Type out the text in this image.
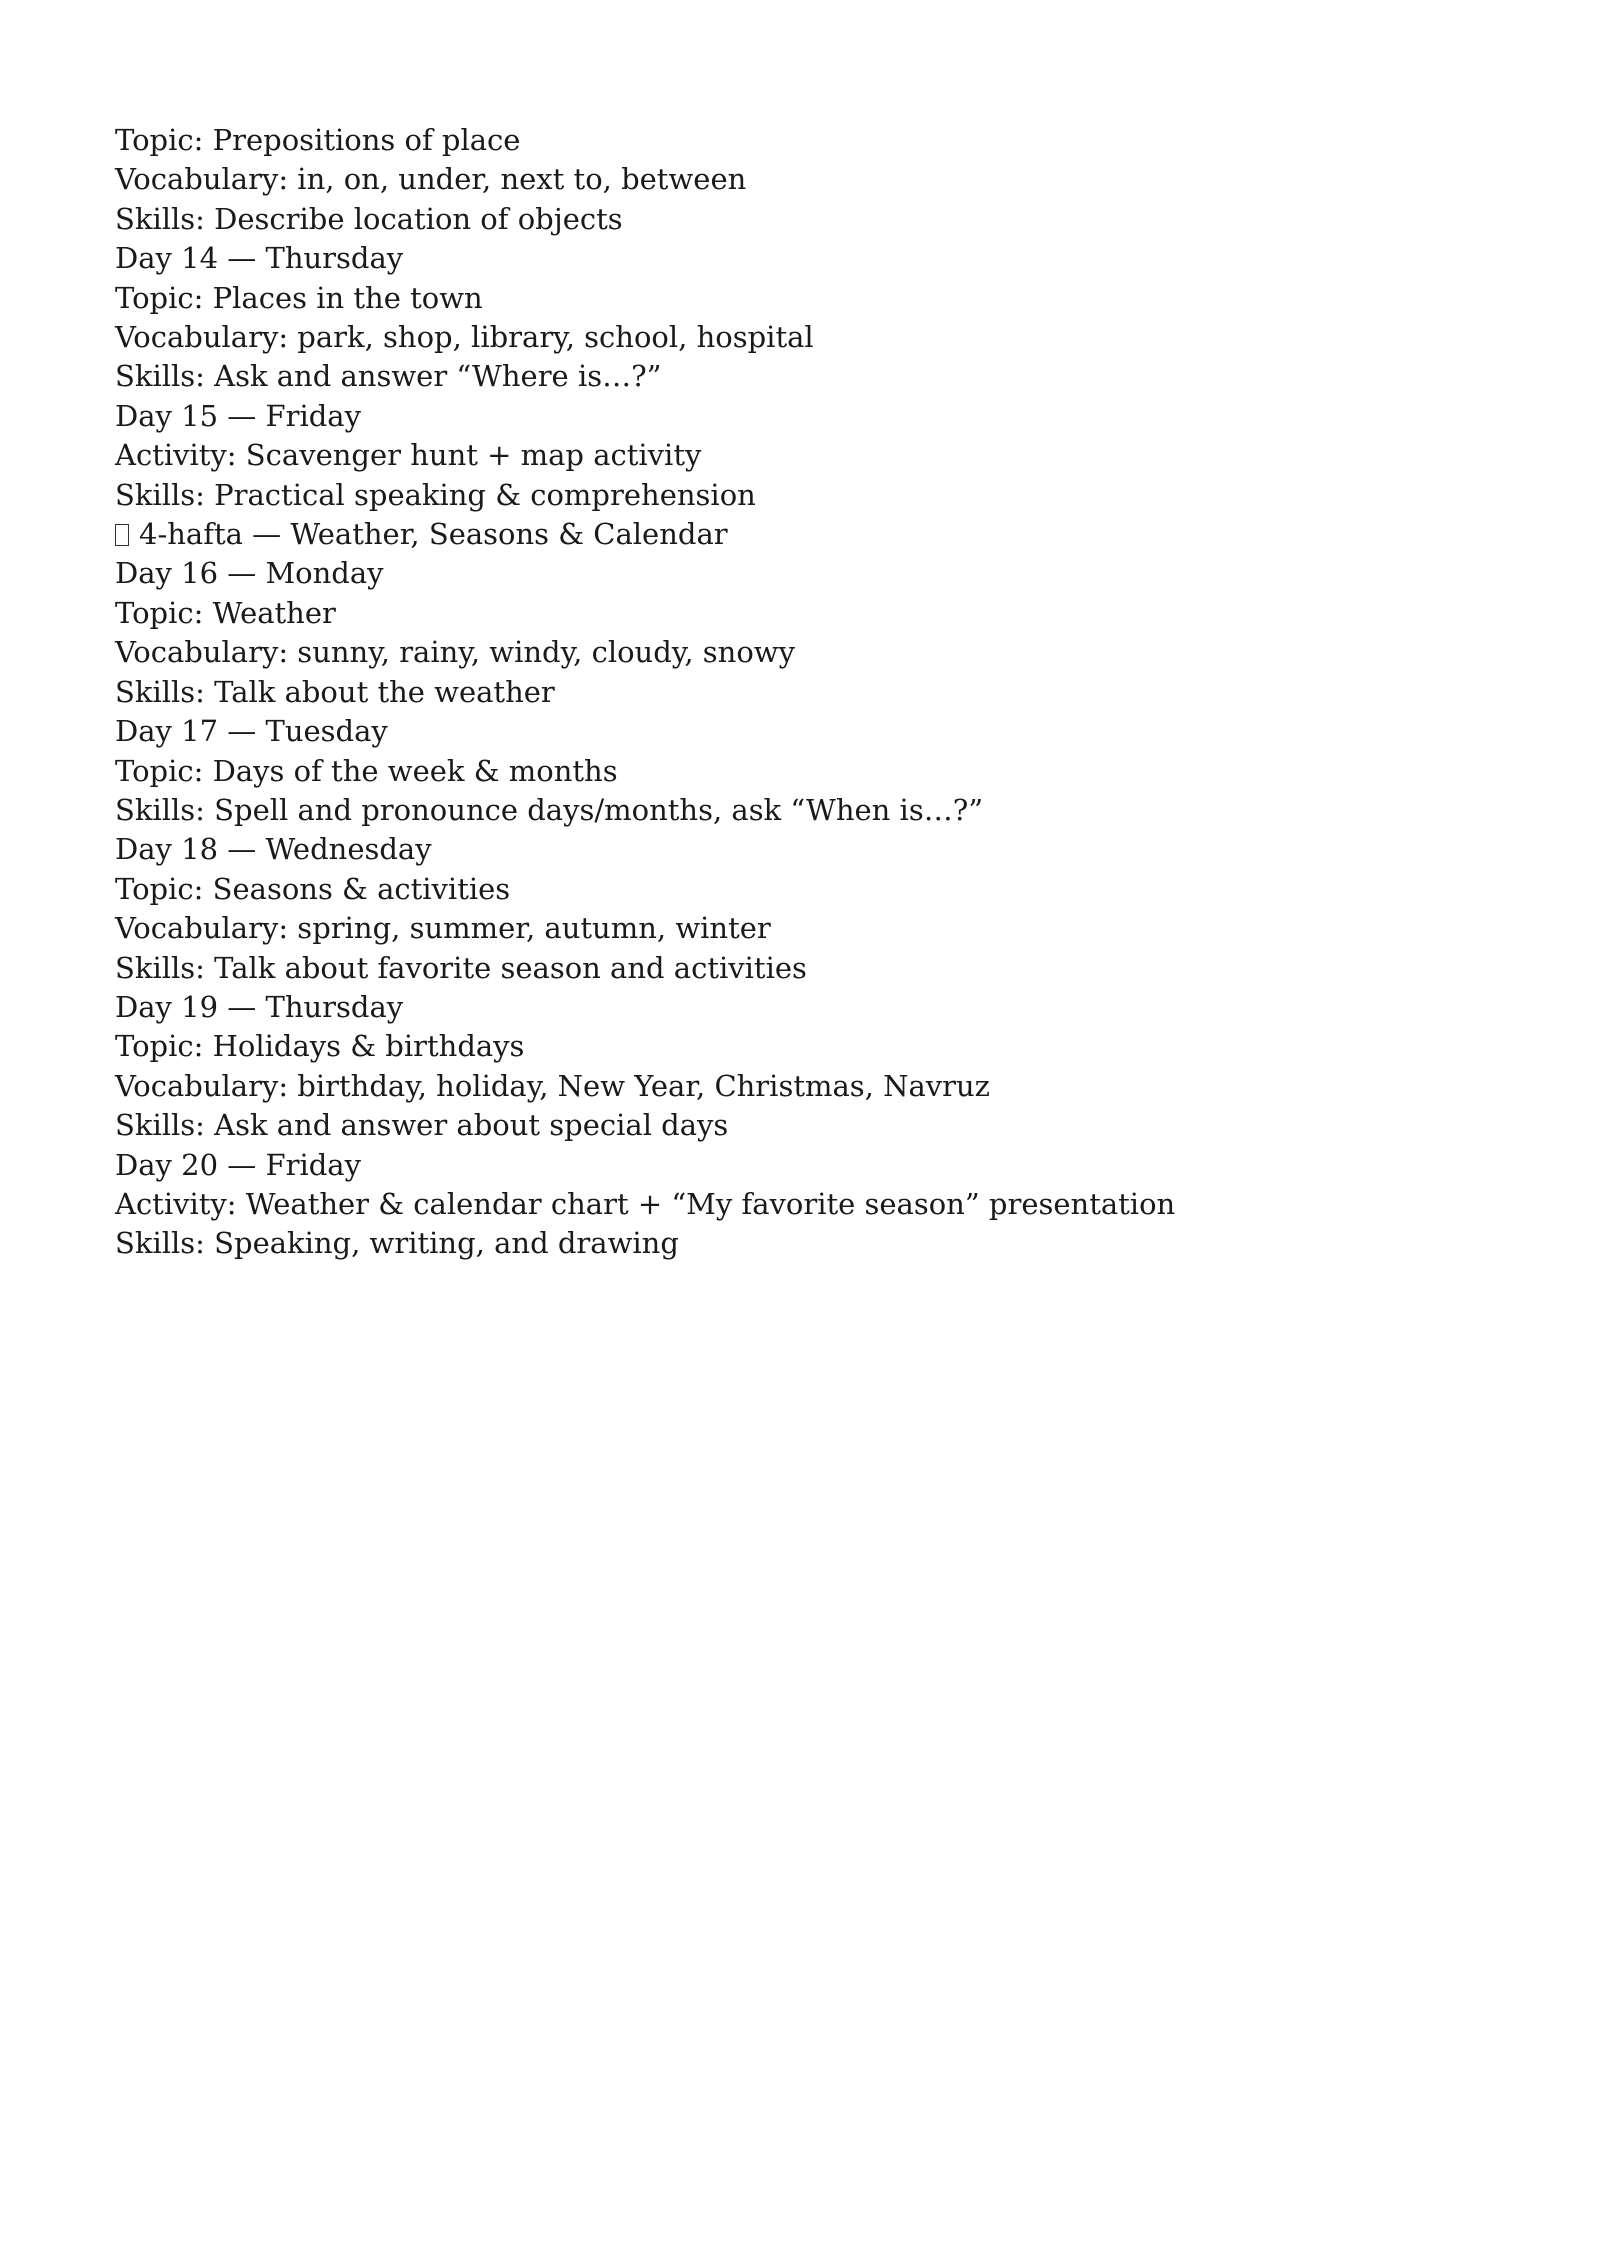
Topic: Prepositions of place

Vocabulary: in, on, under, next to, between

Skills: Describe location of objects

Day 14 — Thursday

Topic: Places in the town

Vocabulary: park, shop, library, school, hospital

Skills: Ask and answer “Where is…?”

Day 15 — Friday

Activity: Scavenger hunt + map activity

Skills: Practical speaking & comprehension

4-hafta — Weather, Seasons & Calendar

Day 16 — Monday

Topic: Weather

Vocabulary: sunny, rainy, windy, cloudy, snowy

Skills: Talk about the weather

Day 17 — Tuesday

Topic: Days of the week & months

Skills: Spell and pronounce days/months, ask “When is…?”

Day 18 — Wednesday

Topic: Seasons & activities

Vocabulary: spring, summer, autumn, winter

Skills: Talk about favorite season and activities

Day 19 — Thursday

Topic: Holidays & birthdays

Vocabulary: birthday, holiday, New Year, Christmas, Navruz

Skills: Ask and answer about special days

Day 20 — Friday

Activity: Weather & calendar chart + “My favorite season” presentation

Skills: Speaking, writing, and drawing
